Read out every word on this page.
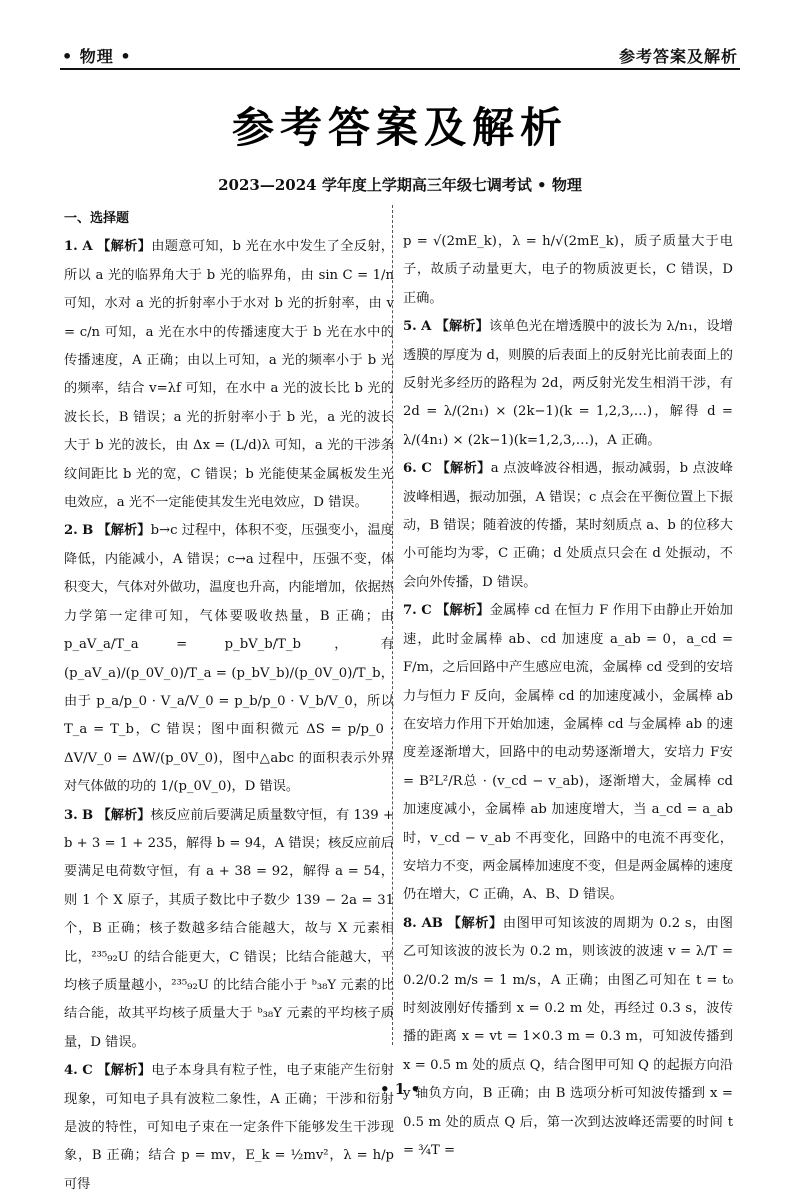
• 物理 •	参考答案及解析
参考答案及解析
2023—2024 学年度上学期高三年级七调考试 • 物理

一、选择题

1. A 【解析】由题意可知，b 光在水中发生了全反射，所以 a 光的临界角大于 b 光的临界角，由 sin C = 1/n 可知，水对 a 光的折射率小于水对 b 光的折射率，由 v = c/n 可知，a 光在水中的传播速度大于 b 光在水中的传播速度，A 正确；由以上可知，a 光的频率小于 b 光的频率，结合 v=λf 可知，在水中 a 光的波长比 b 光的波长长，B 错误；a 光的折射率小于 b 光，a 光的波长大于 b 光的波长，由 Δx = (L/d)λ 可知，a 光的干涉条纹间距比 b 光的宽，C 错误；b 光能使某金属板发生光电效应，a 光不一定能使其发生光电效应，D 错误。

2. B 【解析】b→c 过程中，体积不变，压强变小，温度降低，内能减小，A 错误；c→a 过程中，压强不变，体积变大，气体对外做功，温度也升高，内能增加，依据热力学第一定律可知，气体要吸收热量，B 正确；由 p_aV_a/T_a = p_bV_b/T_b，有 (p_aV_a)/(p_0V_0)/T_a = (p_bV_b)/(p_0V_0)/T_b，由于 p_a/p_0 · V_a/V_0 = p_b/p_0 · V_b/V_0，所以 T_a = T_b，C 错误；图中面积微元 ΔS = p/p_0 · ΔV/V_0 = ΔW/(p_0V_0)，图中△abc 的面积表示外界对气体做的功的 1/(p_0V_0)，D 错误。

3. B 【解析】核反应前后要满足质量数守恒，有 139 + b + 3 = 1 + 235，解得 b = 94，A 错误；核反应前后要满足电荷数守恒，有 a + 38 = 92，解得 a = 54，则 1 个 X 原子，其质子数比中子数少 139 − 2a = 31 个，B 正确；核子数越多结合能越大，故与 X 元素相比，²³⁵₉₂U 的结合能更大，C 错误；比结合能越大，平均核子质量越小，²³⁵₉₂U 的比结合能小于 ᵇ₃₈Y 元素的比结合能，故其平均核子质量大于 ᵇ₃₈Y 元素的平均核子质量，D 错误。

4. C 【解析】电子本身具有粒子性，电子束能产生衍射现象，可知电子具有波粒二象性，A 正确；干涉和衍射是波的特性，可知电子束在一定条件下能够发生干涉现象，B 正确；结合 p = mv，E_k = ½mv²，λ = h/p 可得

p = √(2mE_k)，λ = h/√(2mE_k)，质子质量大于电子，故质子动量更大，电子的物质波更长，C 错误，D 正确。

5. A 【解析】该单色光在增透膜中的波长为 λ/n₁，设增透膜的厚度为 d，则膜的后表面上的反射光比前表面上的反射光多经历的路程为 2d，两反射光发生相消干涉，有 2d = λ/(2n₁) × (2k−1)(k = 1,2,3,…)，解得 d = λ/(4n₁) × (2k−1)(k=1,2,3,…)，A 正确。

6. C 【解析】a 点波峰波谷相遇，振动减弱，b 点波峰波峰相遇，振动加强，A 错误；c 点会在平衡位置上下振动，B 错误；随着波的传播，某时刻质点 a、b 的位移大小可能均为零，C 正确；d 处质点只会在 d 处振动，不会向外传播，D 错误。

7. C 【解析】金属棒 cd 在恒力 F 作用下由静止开始加速，此时金属棒 ab、cd 加速度 a_ab = 0，a_cd = F/m，之后回路中产生感应电流，金属棒 cd 受到的安培力与恒力 F 反向，金属棒 cd 的加速度减小，金属棒 ab 在安培力作用下开始加速，金属棒 cd 与金属棒 ab 的速度差逐渐增大，回路中的电动势逐渐增大，安培力 F安 = B²L²/R总 · (v_cd − v_ab)，逐渐增大，金属棒 cd 加速度减小，金属棒 ab 加速度增大，当 a_cd = a_ab 时，v_cd − v_ab 不再变化，回路中的电流不再变化，安培力不变，两金属棒加速度不变，但是两金属棒的速度仍在增大，C 正确，A、B、D 错误。

8. AB 【解析】由图甲可知该波的周期为 0.2 s，由图乙可知该波的波长为 0.2 m，则该波的波速 v = λ/T = 0.2/0.2 m/s = 1 m/s，A 正确；由图乙可知在 t = t₀ 时刻波刚好传播到 x = 0.2 m 处，再经过 0.3 s，波传播的距离 x = vt = 1×0.3 m = 0.3 m，可知波传播到 x = 0.5 m 处的质点 Q，结合图甲可知 Q 的起振方向沿 y 轴负方向，B 正确；由 B 选项分析可知波传播到 x = 0.5 m 处的质点 Q 后，第一次到达波峰还需要的时间 t = ¾T =

• 1 •
